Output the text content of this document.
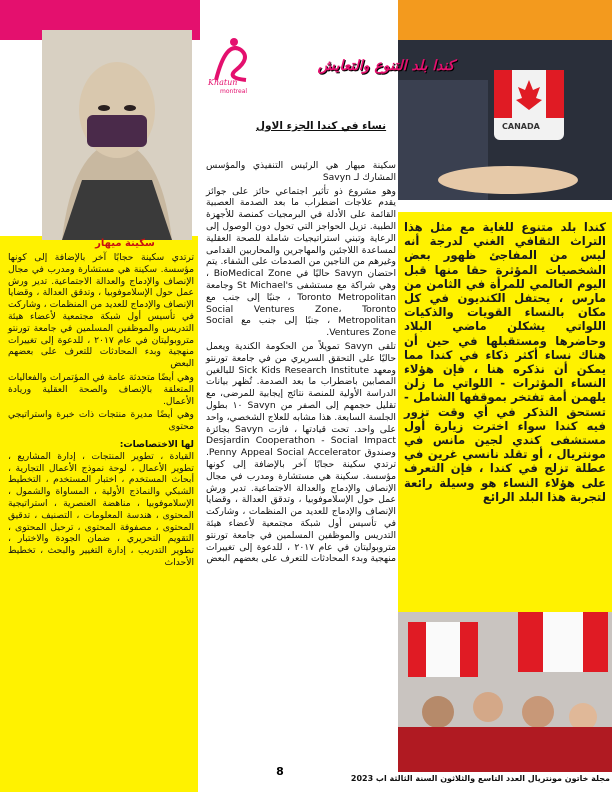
CANADA
Khatun
montreal
كندا بلد التنوع والتعايش
نساء في كندا الجزء الاول

سكينة ميهار هي الرئيس التنفيذي والمؤسس المشارك لـ Savyn

وهو مشروع ذو تأثير اجتماعي حائز على جوائز يقدم علاجات اضطراب ما بعد الصدمة العصبية القائمة على الأدلة في البرمجيات كمنصة للأجهزة الطبية. تزيل الحواجز التي تحول دون الوصول إلى الرعاية وتبني استراتيجيات شاملة للصحة العقلية لمساعدة اللاجئين والمهاجرين والمحاربين القدامى وغيرهم من الناجين من الصدمات على الشفاء. يتم احتضان Savyn حاليًا في BioMedical Zone ، وهي شراكة مع مستشفى St Michael's وجامعة Toronto Metropolitan ، جنبًا إلى جنب مع Social Ventures Zone، Toronto Metropolitan ، جنبًا إلى جنب مع Social Ventures Zone.

تلقى Savyn تمويلاً من الحكومة الكندية ويعمل حاليًا على التحقق السريري من في جامعة تورنتو ومعهد Sick Kids Research Institute للبالغين المصابين باضطراب ما بعد الصدمة. تُظهر بيانات الدراسة الأولية للمنصة نتائج إيجابية للمرضى، مع تقليل حجمهم إلى الصفر من Savyn ١٠ بطول الجلسة السابعة. هذا مشابه للعلاج الشخصي، واحد على واحد. تحت قيادتها ، فازت Savyn بجائزة Desjardin Cooperathon - Social Impact وصندوق Penny Appeal Social Accelerator. ترتدي سكينة حجابًا آخر بالإضافة إلى كونها مؤسسة. سكينة هي مستشارة ومدرب في مجال الإنصاف والإدماج والعدالة الاجتماعية. تدير ورش عمل حول الإسلاموفوبيا ، وتدقق العدالة ، وقضايا الإنصاف والإدماج للعديد من المنظمات ، وشاركت في تأسيس أول شبكة مجتمعية لأعضاء هيئة التدريس والموظفين المسلمين في جامعة تورنتو متروبوليتان في عام ٢٠١٧ ، للدعوة إلى تغييرات منهجية وبدء المحادثات للتعرف على بعضهم البعض

سكينة ميهار

ترتدي سكينة حجابًا آخر بالإضافة إلى كونها مؤسسة. سكينة هي مستشارة ومدرب في مجال الإنصاف والإدماج والعدالة الاجتماعية. تدير ورش عمل حول الإسلاموفوبيا ، وتدقق العدالة ، وقضايا الإنصاف والإدماج للعديد من المنظمات ، وشاركت في تأسيس أول شبكة مجتمعية لأعضاء هيئة التدريس والموظفين المسلمين في جامعة تورنتو متروبوليتان في عام ٢٠١٧ ، للدعوة إلى تغييرات منهجية وبدء المحادثات للتعرف على بعضهم البعض

وهي أيضًا متحدثة عامة في المؤتمرات والفعاليات المتعلقة بالإنصاف والصحة العقلية وريادة الأعمال.

وهي أيضًا مديرة منتجات ذات خبرة واستراتيجي محتوى

لها الاختصاصات:

القيادة ، تطوير المنتجات ، إدارة المشاريع ، تطوير الأعمال ، لوحة نموذج الأعمال التجارية ، أبحاث المستخدم ، اختبار المستخدم ، التخطيط الشبكي والنماذج الأولية ، المساواة والشمول ، الإسلاموفوبيا ، مناهضة العنصرية ، استراتيجية المحتوى ، هندسة المعلومات ، التصنيف ، تدقيق المحتوى ، مصفوفة المحتوى ، ترحيل المحتوى ، التقويم التحريري ، ضمان الجودة والاختبار ، تطوير التدريب ، إدارة التغيير والبحث ، تخطيط الأحداث

كندا بلد متنوع للغاية مع مثل هذا التراث الثقافي الغني لدرجة أنه ليس من المفاجئ ظهور بعض الشخصيات المؤثرة حقا منها قبل اليوم العالمي للمرأة في الثامن من مارس ، يحتفل الكنديون في كل مكان بالنساء القويات والذكيات اللواتي يشكلن ماضي البلاد وحاضرها ومستقبلها في حين أن هناك نساء أكثر ذكاء في كندا مما يمكن أن نذكره هنا ، فإن هؤلاء النساء المؤثرات - اللواتي ما زلن يلهمن أمة تفتخر بموقفها الشامل - تستحق التذكر في أي وقت تزور فيه كندا سواء اخترت زيارة أول مستشفى كندي لجين مانس في مونتريال ، أو تقلد نانسي غرين في عطلة تزلج في كندا ، فإن التعرف على هؤلاء النساء هو وسيلة رائعة لتجربة هذا البلد الرائع
8
مجلة خاتون مونتريال العدد التاسع والثلاثون السنة الثالثة اب 2023
